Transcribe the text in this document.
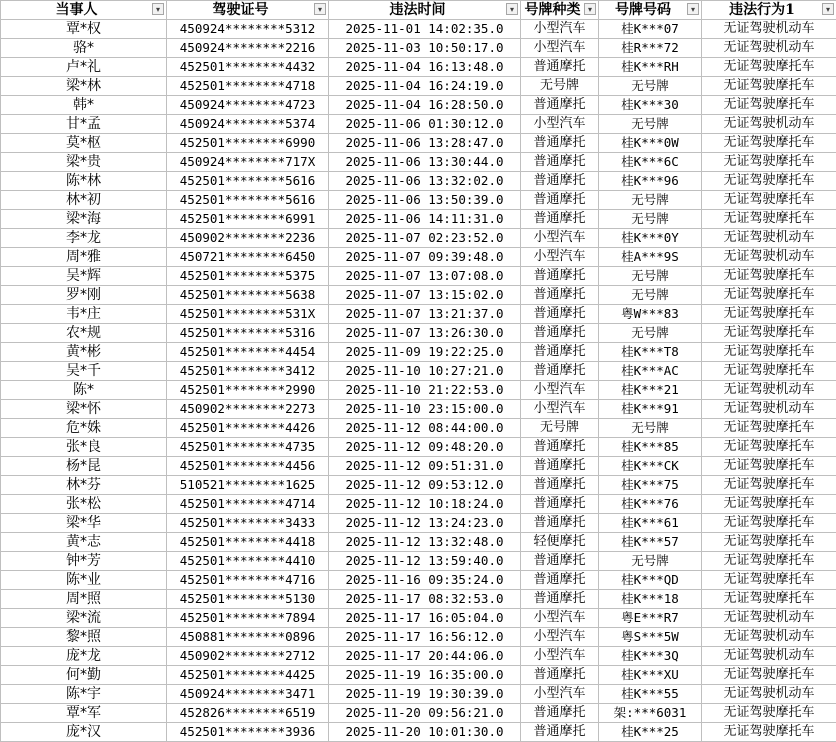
当事人 ▾	驾驶证号 ▾	违法时间 ▾	号牌种类 ▾	号牌号码 ▾	违法行为1 ▾

覃*权	450924********5312	2025-11-01 14:02:35.0	小型汽车	桂K***07	无证驾驶机动车
骆*	450924********2216	2025-11-03 10:50:17.0	小型汽车	桂R***72	无证驾驶机动车
卢*礼	452501********4432	2025-11-04 16:13:48.0	普通摩托	桂K***RH	无证驾驶摩托车
梁*林	452501********4718	2025-11-04 16:24:19.0	无号牌	无号牌	无证驾驶摩托车
韩*	450924********4723	2025-11-04 16:28:50.0	普通摩托	桂K***30	无证驾驶摩托车
甘*孟	450924********5374	2025-11-06 01:30:12.0	小型汽车	无号牌	无证驾驶机动车
莫*枢	452501********6990	2025-11-06 13:28:47.0	普通摩托	桂K***0W	无证驾驶摩托车
梁*贵	450924********717X	2025-11-06 13:30:44.0	普通摩托	桂K***6C	无证驾驶摩托车
陈*林	452501********5616	2025-11-06 13:32:02.0	普通摩托	桂K***96	无证驾驶摩托车
林*初	452501********5616	2025-11-06 13:50:39.0	普通摩托	无号牌	无证驾驶摩托车
梁*海	452501********6991	2025-11-06 14:11:31.0	普通摩托	无号牌	无证驾驶摩托车
李*龙	450902********2236	2025-11-07 02:23:52.0	小型汽车	桂K***0Y	无证驾驶机动车
周*雅	450721********6450	2025-11-07 09:39:48.0	小型汽车	桂A***9S	无证驾驶机动车
吴*辉	452501********5375	2025-11-07 13:07:08.0	普通摩托	无号牌	无证驾驶摩托车
罗*刚	452501********5638	2025-11-07 13:15:02.0	普通摩托	无号牌	无证驾驶摩托车
韦*庄	452501********531X	2025-11-07 13:21:37.0	普通摩托	粤W***83	无证驾驶摩托车
农*规	452501********5316	2025-11-07 13:26:30.0	普通摩托	无号牌	无证驾驶摩托车
黄*彬	452501********4454	2025-11-09 19:22:25.0	普通摩托	桂K***T8	无证驾驶摩托车
吴*千	452501********3412	2025-11-10 10:27:21.0	普通摩托	桂K***AC	无证驾驶摩托车
陈*	452501********2990	2025-11-10 21:22:53.0	小型汽车	桂K***21	无证驾驶机动车
梁*怀	450902********2273	2025-11-10 23:15:00.0	小型汽车	桂K***91	无证驾驶机动车
危*姝	452501********4426	2025-11-12 08:44:00.0	无号牌	无号牌	无证驾驶摩托车
张*良	452501********4735	2025-11-12 09:48:20.0	普通摩托	桂K***85	无证驾驶摩托车
杨*昆	452501********4456	2025-11-12 09:51:31.0	普通摩托	桂K***CK	无证驾驶摩托车
林*芬	510521********1625	2025-11-12 09:53:12.0	普通摩托	桂K***75	无证驾驶摩托车
张*松	452501********4714	2025-11-12 10:18:24.0	普通摩托	桂K***76	无证驾驶摩托车
梁*华	452501********3433	2025-11-12 13:24:23.0	普通摩托	桂K***61	无证驾驶摩托车
黄*志	452501********4418	2025-11-12 13:32:48.0	轻便摩托	桂K***57	无证驾驶摩托车
钟*芳	452501********4410	2025-11-12 13:59:40.0	普通摩托	无号牌	无证驾驶摩托车
陈*业	452501********4716	2025-11-16 09:35:24.0	普通摩托	桂K***QD	无证驾驶摩托车
周*照	452501********5130	2025-11-17 08:32:53.0	普通摩托	桂K***18	无证驾驶摩托车
梁*流	452501********7894	2025-11-17 16:05:04.0	小型汽车	粤E***R7	无证驾驶机动车
黎*照	450881********0896	2025-11-17 16:56:12.0	小型汽车	粤S***5W	无证驾驶机动车
庞*龙	450902********2712	2025-11-17 20:44:06.0	小型汽车	桂K***3Q	无证驾驶机动车
何*勤	452501********4425	2025-11-19 16:35:00.0	普通摩托	桂K***XU	无证驾驶摩托车
陈*宇	450924********3471	2025-11-19 19:30:39.0	小型汽车	桂K***55	无证驾驶机动车
覃*军	452826********6519	2025-11-20 09:56:21.0	普通摩托	架:***6031	无证驾驶摩托车
庞*汉	452501********3936	2025-11-20 10:01:30.0	普通摩托	桂K***25	无证驾驶摩托车
